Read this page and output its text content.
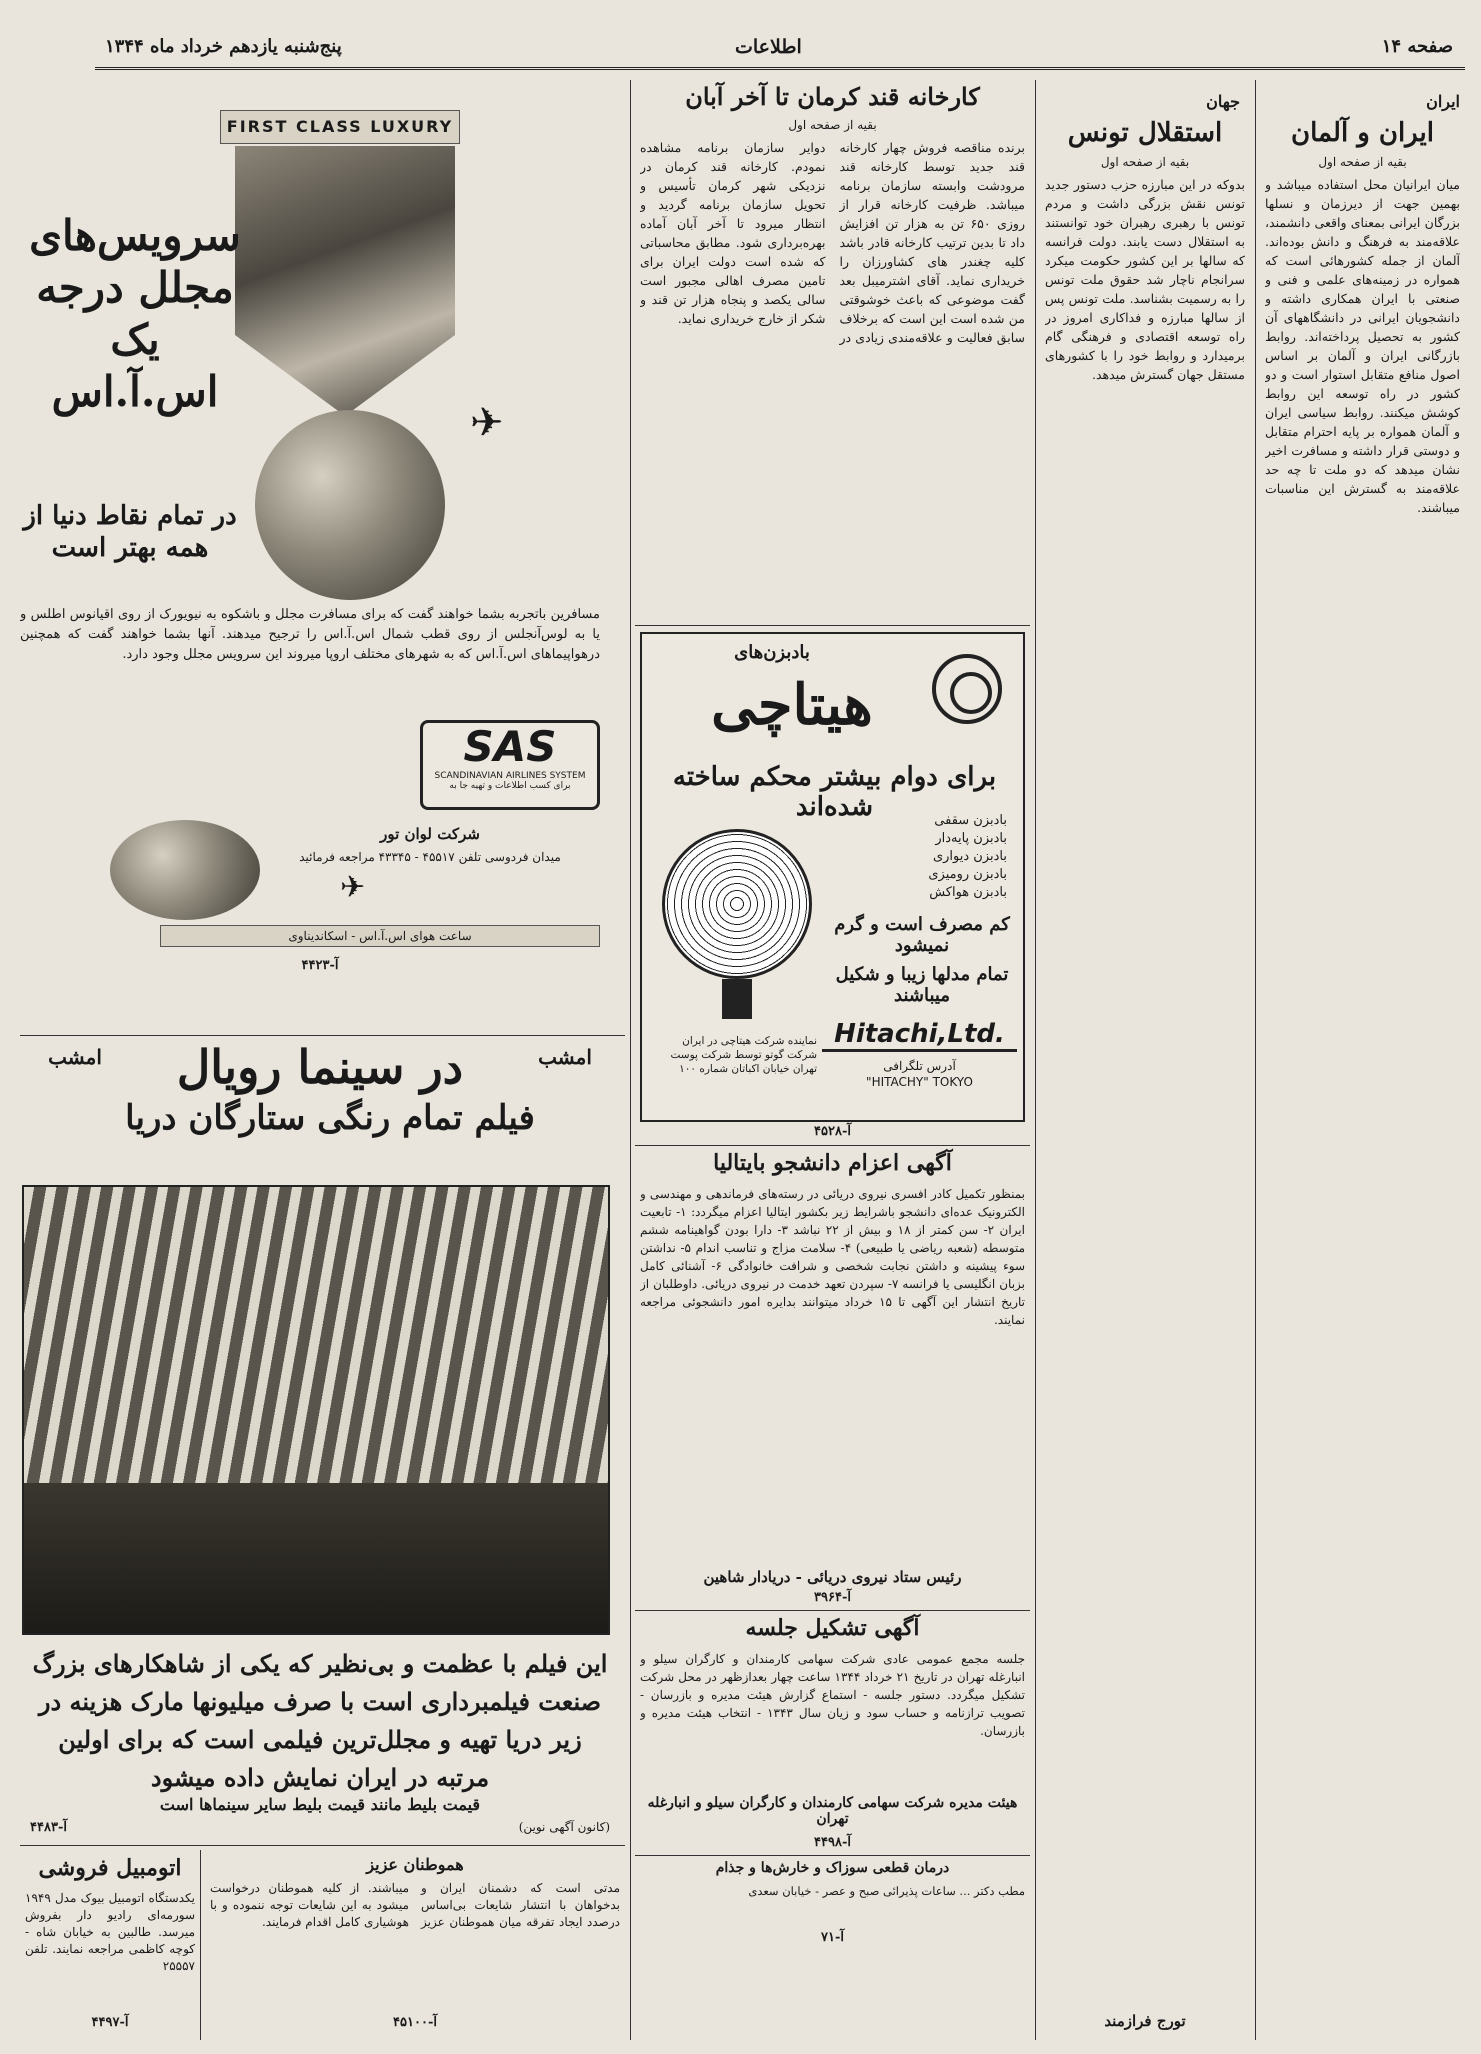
پنج‌شنبه یازدهم خرداد ماه ۱۳۴۴	اطلاعات	صفحه ۱۴
ایران
ایران و آلمان
بقیه از صفحه اول
میان ایرانیان محل استفاده میباشد و بهمین جهت از دیرزمان و نسلها بزرگان ایرانی بمعنای واقعی دانشمند، علاقه‌مند به فرهنگ و دانش بوده‌اند. آلمان از جمله کشورهائی است که همواره در زمینه‌های علمی و فنی و صنعتی با ایران همکاری داشته و دانشجویان ایرانی در دانشگاههای آن کشور به تحصیل پرداخته‌اند. روابط بازرگانی ایران و آلمان بر اساس اصول منافع متقابل استوار است و دو کشور در راه توسعه این روابط کوشش میکنند. روابط سیاسی ایران و آلمان همواره بر پایه احترام متقابل و دوستی قرار داشته و مسافرت اخیر نشان میدهد که دو ملت تا چه حد علاقه‌مند به گسترش این مناسبات میباشند.
جهان
استقلال تونس
بقیه از صفحه اول
بدوکه در این مبارزه حزب دستور جدید تونس نقش بزرگی داشت و مردم تونس با رهبری رهبران خود توانستند به استقلال دست یابند. دولت فرانسه که سالها بر این کشور حکومت میکرد سرانجام ناچار شد حقوق ملت تونس را به رسمیت بشناسد. ملت تونس پس از سالها مبارزه و فداکاری امروز در راه توسعه اقتصادی و فرهنگی گام برمیدارد و روابط خود را با کشورهای مستقل جهان گسترش میدهد.
تورج فرازمند
کارخانه قند کرمان تا آخر آبان
بقیه از صفحه اول
برنده مناقصه فروش چهار کارخانه قند جدید توسط کارخانه قند مرودشت وابسته سازمان برنامه میباشد. ظرفیت کارخانه قرار از روزی ۶۵۰ تن به هزار تن افزایش داد تا بدین ترتیب کارخانه قادر باشد کلیه چغندر های کشاورزان را خریداری نماید. آقای اشترمیبل بعد گفت موضوعی که باعث خوشوقتی من شده است این است که برخلاف سابق فعالیت و علاقه‌مندی زیادی در دوایر سازمان برنامه مشاهده نمودم. کارخانه قند کرمان در نزدیکی شهر کرمان تأسیس و تحویل سازمان برنامه گردید و انتظار میرود تا آخر آبان آماده بهره‌برداری شود. مطابق محاسباتی که شده است دولت ایران برای تامین مصرف اهالی مجبور است سالی یکصد و پنجاه هزار تن قند و شکر از خارج خریداری نماید.
بادبزن‌های
هیتاچی
برای دوام بیشتر محکم ساخته شده‌اند	بادبزن سقفی
بادبزن پایه‌دار
بادبزن دیواری
بادبزن رومیزی
بادبزن هواکش
کم مصرف است و گرم نمیشود
تمام مدلها زیبا و شکیل میباشند
Hitachi,Ltd.
آدرس تلگرافی
"HITACHY" TOKYO
نماینده شرکت هیتاچی در ایران شرکت گوتو توسط شرکت پوست تهران خیابان اکباتان شماره ۱۰۰
آ-۴۵۲۸
آگهی اعزام دانشجو بایتالیا
بمنظور تکمیل کادر افسری نیروی دریائی در رسته‌های فرماندهی و مهندسی و الکترونیک عده‌ای دانشجو باشرایط زیر بکشور ایتالیا اعزام میگردد: ۱- تابعیت ایران ۲- سن کمتر از ۱۸ و بیش از ۲۲ نباشد ۳- دارا بودن گواهینامه ششم متوسطه (شعبه ریاضی یا طبیعی) ۴- سلامت مزاج و تناسب اندام ۵- نداشتن سوء پیشینه و داشتن نجابت شخصی و شرافت خانوادگی ۶- آشنائی کامل بزبان انگلیسی یا فرانسه ۷- سپردن تعهد خدمت در نیروی دریائی. داوطلبان از تاریخ انتشار این آگهی تا ۱۵ خرداد میتوانند بدایره امور دانشجوئی مراجعه نمایند.
رئیس ستاد نیروی دریائی - دریادار شاهین
آ-۳۹۶۴
آگهی تشکیل جلسه
جلسه مجمع عمومی عادی شرکت سهامی کارمندان و کارگران سیلو و انبارغله تهران در تاریخ ۲۱ خرداد ۱۳۴۴ ساعت چهار بعدازظهر در محل شرکت تشکیل میگردد. دستور جلسه - استماع گزارش هیئت مدیره و بازرسان - تصویب ترازنامه و حساب سود و زیان سال ۱۳۴۳ - انتخاب هیئت مدیره و بازرسان.
هیئت مدیره شرکت سهامی کارمندان و کارگران سیلو و انبارغله تهران
آ-۴۴۹۸
درمان قطعی سوزاک و خارش‌ها و جذام
مطب دکتر ... ساعات پذیرائی صبح و عصر - خیابان سعدی
آ-۷۱
FIRST CLASS LUXURY
✈
سرویس‌های مجلل درجه یک اس.آ.اس
در تمام نقاط دنیا از همه بهتر است
مسافرین باتجربه بشما خواهند گفت که برای مسافرت مجلل و باشکوه به نیویورک از روی اقیانوس اطلس و یا به لوس‌آنجلس از روی قطب شمال اس.آ.اس را ترجیح میدهند. آنها بشما خواهند گفت که همچنین درهواپیماهای اس.آ.اس که به شهرهای مختلف اروپا میروند این سرویس مجلل وجود دارد.
SAS
SCANDINAVIAN AIRLINES SYSTEM
برای کسب اطلاعات و تهیه جا به
شرکت لوان تور
میدان فردوسی تلفن ۴۵۵۱۷ - ۴۳۳۴۵ مراجعه فرمائید
✈
ساعت هوای اس.آ.اس - اسکاندیناوی
آ-۴۴۲۳
امشب
امشب	در سینما رویال
فیلم تمام رنگی ستارگان دریا
این فیلم با عظمت و بی‌نظیر که یکی از شاهکارهای بزرگ صنعت فیلمبرداری است با صرف میلیونها مارک هزینه در زیر دریا تهیه و مجلل‌ترین فیلمی است که برای اولین مرتبه در ایران نمایش داده میشود
قیمت بلیط مانند قیمت بلیط سایر سینماها است
(کانون آگهی نوین)
آ-۴۴۸۳
اتومبیل فروشی
یکدستگاه اتومبیل بیوک مدل ۱۹۴۹ سورمه‌ای رادیو دار بفروش میرسد. طالبین به خیابان شاه - کوچه کاظمی مراجعه نمایند. تلفن ۲۵۵۵۷
آ-۴۴۹۷
هموطنان عزیز
مدتی است که دشمنان ایران و بدخواهان با انتشار شایعات بی‌اساس درصدد ایجاد تفرقه میان هموطنان عزیز میباشند. از کلیه هموطنان درخواست میشود به این شایعات توجه ننموده و با هوشیاری کامل اقدام فرمایند.
آ-۴۵۱۰۰
